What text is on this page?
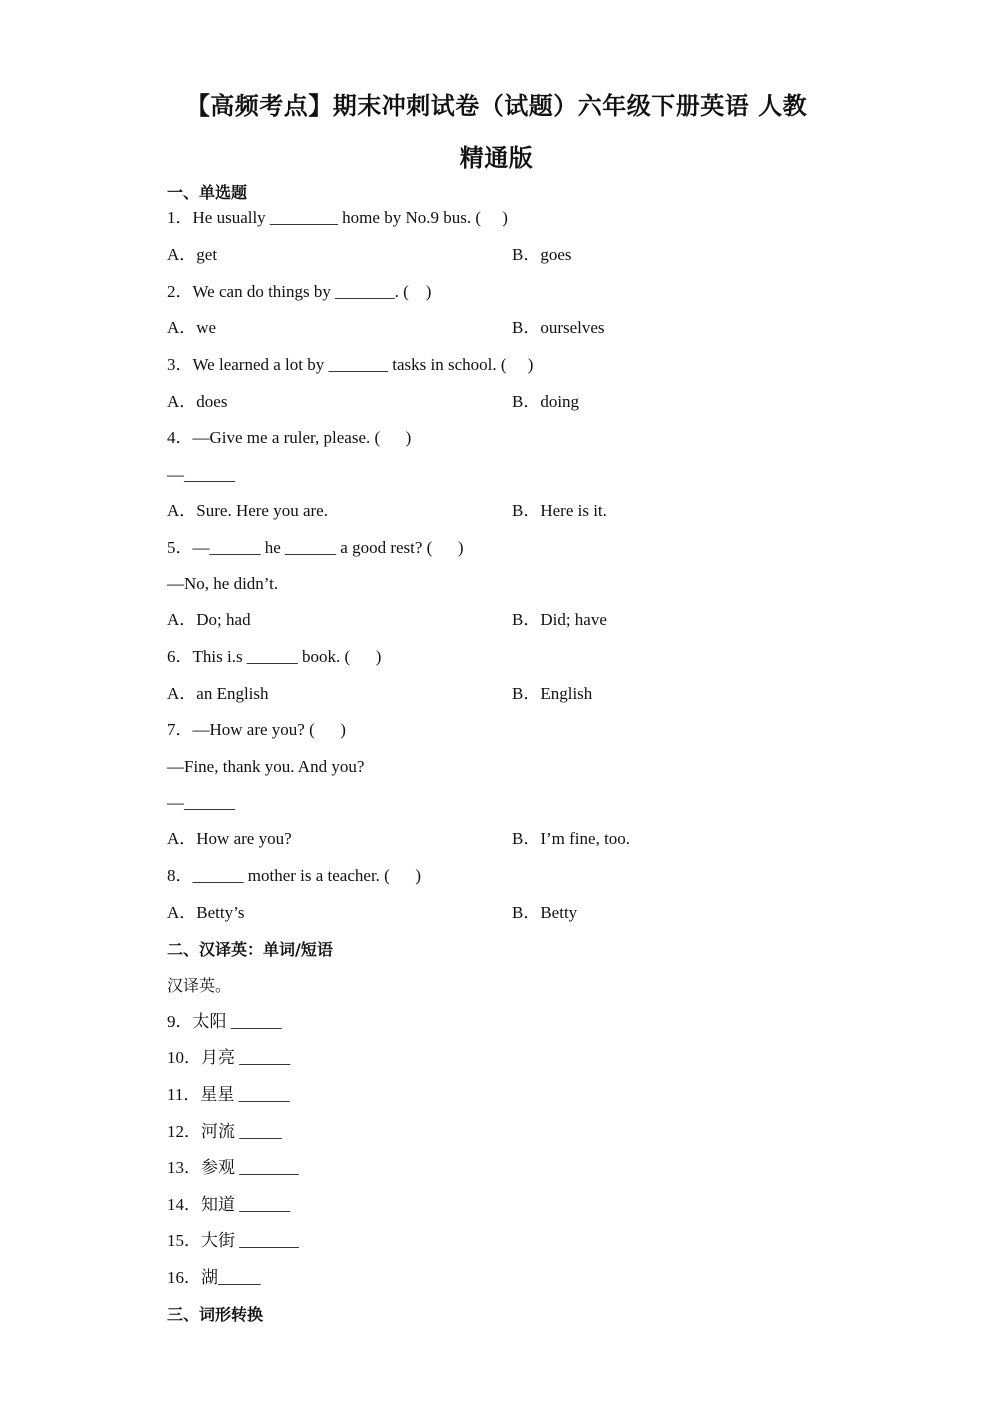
【高频考点】期末冲刺试卷（试题）六年级下册英语 人教
精通版
一、单选题
1．He usually ________ home by No.9 bus. (     )
A．get	B．goes
2．We can do things by _______. (    )
A．we	B．ourselves
3．We learned a lot by _______ tasks in school. (     )
A．does	B．doing
4．—Give me a ruler, please. (      )
—______
A．Sure. Here you are.	B．Here is it.
5．—______ he ______ a good rest? (      )
—No, he didn’t.
A．Do; had	B．Did; have
6．This i.s ______ book. (      )
A．an English	B．English
7．—How are you? (      )
—Fine, thank you. And you?
—______
A．How are you?	B．I’m fine, too.
8．______ mother is a teacher. (      )
A．Betty’s	B．Betty
二、汉译英：单词/短语
汉译英。
9．太阳 ______
10．月亮 ______
11．星星 ______
12．河流 _____
13．参观 _______
14．知道 ______
15．大街 _______
16．湖_____
三、词形转换
